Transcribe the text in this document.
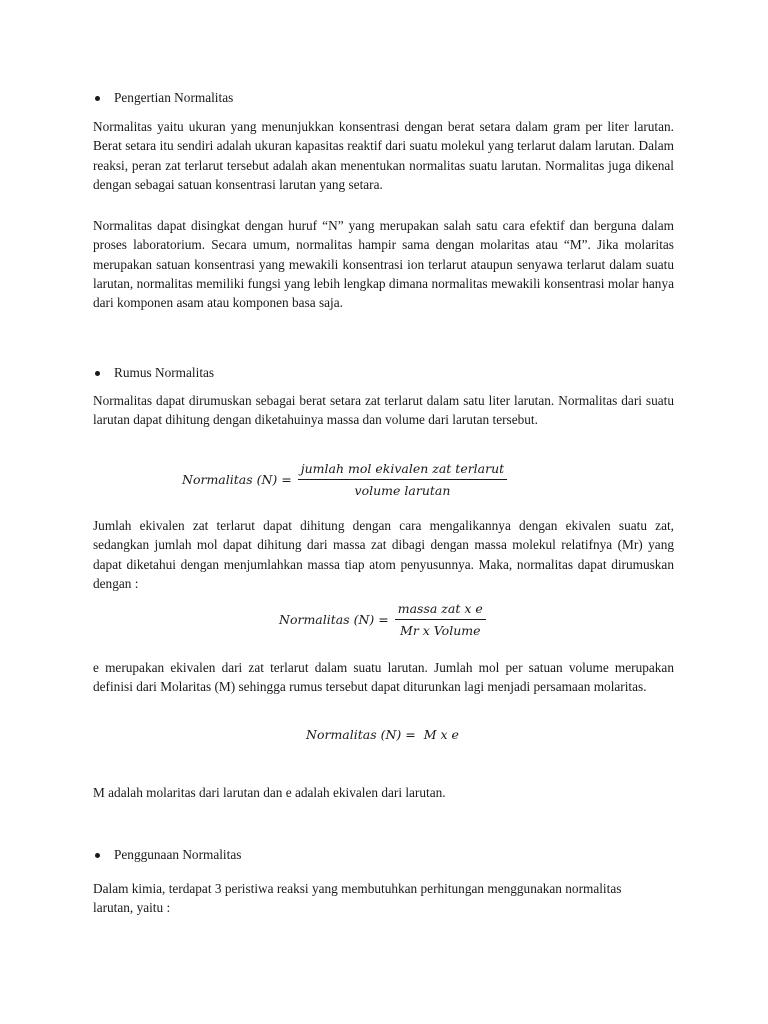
Pengertian Normalitas

Normalitas yaitu ukuran yang menunjukkan konsentrasi dengan berat setara dalam gram per liter larutan. Berat setara itu sendiri adalah ukuran kapasitas reaktif dari suatu molekul yang terlarut dalam larutan. Dalam reaksi, peran zat terlarut tersebut adalah akan menentukan normalitas suatu larutan. Normalitas juga dikenal dengan sebagai satuan konsentrasi larutan yang setara.

Normalitas dapat disingkat dengan huruf “N” yang merupakan salah satu cara efektif dan berguna dalam proses laboratorium. Secara umum, normalitas hampir sama dengan molaritas atau “M”. Jika molaritas merupakan satuan konsentrasi yang mewakili konsentrasi ion terlarut ataupun senyawa terlarut dalam suatu larutan, normalitas memiliki fungsi yang lebih lengkap dimana normalitas mewakili konsentrasi molar hanya dari komponen asam atau komponen basa saja.

Rumus Normalitas

Normalitas dapat dirumuskan sebagai berat setara zat terlarut dalam satu liter larutan. Normalitas dari suatu larutan dapat dihitung dengan diketahuinya massa dan volume dari larutan tersebut.

Normalitas $(N) = \frac{\text{jumlah mol ekivalen zat terlarut}}{\text{volume larutan}}$

Jumlah ekivalen zat terlarut dapat dihitung dengan cara mengalikannya dengan ekivalen suatu zat, sedangkan jumlah mol dapat dihitung dari massa zat dibagi dengan massa molekul relatifnya (Mr) yang dapat diketahui dengan menjumlahkan massa tiap atom penyusunnya. Maka, normalitas dapat dirumuskan dengan :

Normalitas $(N) = \frac{\text{massa zat x e}}{\text{Mr x Volume}}$

e merupakan ekivalen dari zat terlarut dalam suatu larutan. Jumlah mol per satuan volume merupakan definisi dari Molaritas (M) sehingga rumus tersebut dapat diturunkan lagi menjadi persamaan molaritas.

Normalitas (N) =  M x e

M adalah molaritas dari larutan dan e adalah ekivalen dari larutan.

Penggunaan Normalitas

Dalam kimia, terdapat 3 peristiwa reaksi yang membutuhkan perhitungan menggunakan normalitas larutan, yaitu :
